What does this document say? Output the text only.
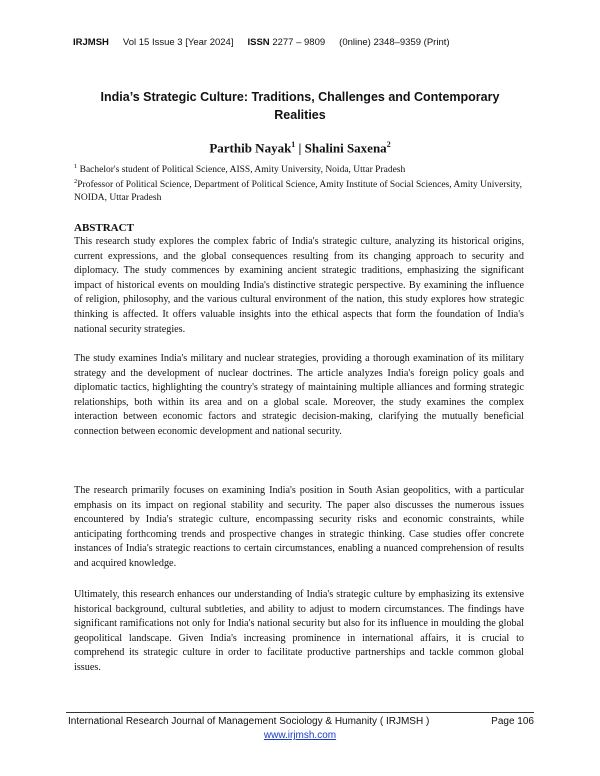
IRJMSH Vol 15 Issue 3 [Year 2024] ISSN 2277 – 9809 (0nline) 2348–9359 (Print)
India’s Strategic Culture: Traditions, Challenges and Contemporary Realities
Parthib Nayak$^1$ | Shalini Saxena$^2$
$^1$ Bachelor's student of Political Science, AISS, Amity University, Noida, Uttar Pradesh
$^2$Professor of Political Science, Department of Political Science, Amity Institute of Social Sciences, Amity University, NOIDA, Uttar Pradesh
ABSTRACT
This research study explores the complex fabric of India's strategic culture, analyzing its historical origins, current expressions, and the global consequences resulting from its changing approach to security and diplomacy. The study commences by examining ancient strategic traditions, emphasizing the significant impact of historical events on moulding India's distinctive strategic perspective. By examining the influence of religion, philosophy, and the various cultural environment of the nation, this study explores how strategic thinking is affected. It offers valuable insights into the ethical aspects that form the foundation of India's national security strategies.
The study examines India's military and nuclear strategies, providing a thorough examination of its military strategy and the development of nuclear doctrines. The article analyzes India's foreign policy goals and diplomatic tactics, highlighting the country's strategy of maintaining multiple alliances and forming strategic relationships, both within its area and on a global scale. Moreover, the study examines the complex interaction between economic factors and strategic decision-making, clarifying the mutually beneficial connection between economic development and national security.
The research primarily focuses on examining India's position in South Asian geopolitics, with a particular emphasis on its impact on regional stability and security. The paper also discusses the numerous issues encountered by India's strategic culture, encompassing security risks and economic constraints, while anticipating forthcoming trends and prospective changes in strategic thinking. Case studies offer concrete instances of India's strategic reactions to certain circumstances, enabling a nuanced comprehension of results and acquired knowledge.
Ultimately, this research enhances our understanding of India's strategic culture by emphasizing its extensive historical background, cultural subtleties, and ability to adjust to modern circumstances. The findings have significant ramifications not only for India's national security but also for its influence in moulding the global geopolitical landscape. Given India's increasing prominence in international affairs, it is crucial to comprehend its strategic culture in order to facilitate productive partnerships and tackle common global issues.
International Research Journal of Management Sociology & Humanity ( IRJMSH )	Page 106
www.irjmsh.com
